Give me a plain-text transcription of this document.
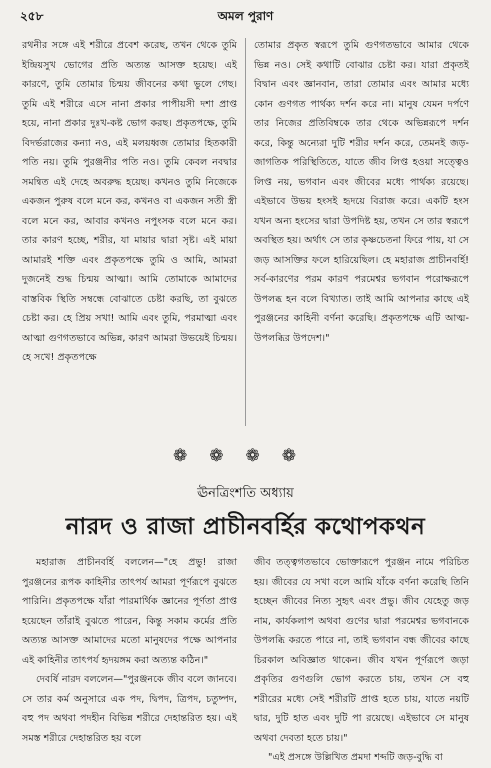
২৫৮	অমল পুরাণ

রথনীর সঙ্গে এই শরীরে প্রবেশ করেছ, তখন থেকে তুমি ইন্দ্রিয়সুখ ভোগের প্রতি অত্যন্ত আসক্ত হয়েছ। এই কারণে, তুমি তোমার চিন্ময় জীবনের কথা ভুলে গেছ। তুমি এই শরীরে এসে নানা প্রকার পাপীয়সী দশা প্রাপ্ত হয়ে, নানা প্রকার দুঃখ-কষ্ট ভোগ করছ। প্রকৃতপক্ষে, তুমি বিদর্ভরাজের কন্যা নও, এই মলয়ধ্বজ তোমার হিতকারী পতি নয়। তুমি পুরঞ্জনীর পতি নও। তুমি কেবল নবদ্বার সমন্বিত এই দেহে অবরুদ্ধ হয়েছ। কখনও তুমি নিজেকে একজন পুরুষ বলে মনে কর, কখনও বা একজন সতী স্ত্রী বলে মনে কর, আবার কখনও নপুংসক বলে মনে কর। তার কারণ হচ্ছে, শরীর, যা মায়ার দ্বারা সৃষ্ট। এই মায়া আমারই শক্তি এবং প্রকৃতপক্ষে তুমি ও আমি, আমরা দুজনেই শুদ্ধ চিন্ময় আত্মা। আমি তোমাকে আমাদের বাস্তবিক স্থিতি সম্বন্ধে বোঝাতে চেষ্টা করছি, তা বুঝতে চেষ্টা কর। হে প্রিয় সখা! আমি এবং তুমি, পরমাত্মা এবং আত্মা গুণগতভাবে অভিন্ন, কারণ আমরা উভয়েই চিন্ময়। হে সখে! প্রকৃতপক্ষে

তোমার প্রকৃত স্বরূপে তুমি গুণগতভাবে আমার থেকে ভিন্ন নও। সেই কথাটি বোঝার চেষ্টা কর। যারা প্রকৃতই বিদ্বান এবং জ্ঞানবান, তারা তোমার এবং আমার মধ্যে কোন গুণগত পার্থক্য দর্শন করে না। মানুষ যেমন দর্পণে তার নিজের প্রতিবিম্বকে তার থেকে অভিন্নরূপে দর্শন করে, কিন্তু অন্যেরা দুটি শরীর দর্শন করে, তেমনই জড়-জাগতিক পরিস্থিতিতে, যাতে জীব লিপ্ত হওয়া সত্ত্বেও লিপ্ত নয়, ভগবান এবং জীবের মধ্যে পার্থক্য রয়েছে। এইভাবে উভয় হংসই হৃদয়ে বিরাজ করে। একটি হংস যখন অন্য হংসের দ্বারা উপদিষ্ট হয়, তখন সে তার স্বরূপে অবস্থিত হয়। অর্থাৎ সে তার কৃষ্ণচেতনা ফিরে পায়, যা সে জড় আসক্তির ফলে হারিয়েছিল। হে মহারাজ প্রাচীনবর্হি! সর্ব-কারণের পরম কারণ পরমেশ্বর ভগবান পরোক্ষরূপে উপলব্ধ হন বলে বিখ্যাত। তাই আমি আপনার কাছে এই পুরঞ্জনের কাহিনী বর্ণনা করেছি। প্রকৃতপক্ষে এটি আত্ম-উপলব্ধির উপদেশ।"

❁❁❁❁
ঊনত্রিংশতি অধ্যায়
নারদ ও রাজা প্রাচীনবর্হির কথোপকথন

মহারাজ প্রাচীনবর্হি বললেন—"হে প্রভু! রাজা পুরঞ্জনের রূপক কাহিনীর তাৎপর্য আমরা পূর্ণরূপে বুঝতে পারিনি। প্রকৃতপক্ষে যাঁরা পারমার্থিক জ্ঞানের পূর্ণতা প্রাপ্ত হয়েছেন তাঁরাই বুঝতে পারেন, কিন্তু সকাম কর্মের প্রতি অত্যন্ত আসক্ত আমাদের মতো মানুষদের পক্ষে আপনার এই কাহিনীর তাৎপর্য হৃদয়ঙ্গম করা অত্যন্ত কঠিন।"

দেবর্ষি নারদ বললেন—"পুরঞ্জনকে জীব বলে জানবে। সে তার কর্ম অনুসারে এক পদ, দ্বিপদ, ত্রিপদ, চতুষ্পদ, বহু পদ অথবা পদহীন বিভিন্ন শরীরে দেহান্তরিত হয়। এই সমস্ত শরীরে দেহান্তরিত হয় বলে

জীব তত্ত্বগতভাবে ভোক্তারূপে পুরঞ্জন নামে পরিচিত হয়। জীবের যে সখা বলে আমি যাঁকে বর্ণনা করেছি তিনি হচ্ছেন জীবের নিত্য সুহৃৎ এবং প্রভু। জীব যেহেতু জড় নাম, কার্যকলাপ অথবা গুণের দ্বারা পরমেশ্বর ভগবানকে উপলব্ধি করতে পারে না, তাই ভগবান বন্ধ জীবের কাছে চিরকাল অবিজ্ঞাত থাকেন। জীব যখন পূর্ণরূপে জড়া প্রকৃতির গুণগুলি ভোগ করতে চায়, তখন সে বহু শরীরের মধ্যে সেই শরীরটি প্রাপ্ত হতে চায়, যাতে নয়টি দ্বার, দুটি হাত এবং দুটি পা রয়েছে। এইভাবে সে মানুষ অথবা দেবতা হতে চায়।"

"এই প্রসঙ্গে উল্লিখিত প্রমদা শব্দটি জড়-বুদ্ধি বা
